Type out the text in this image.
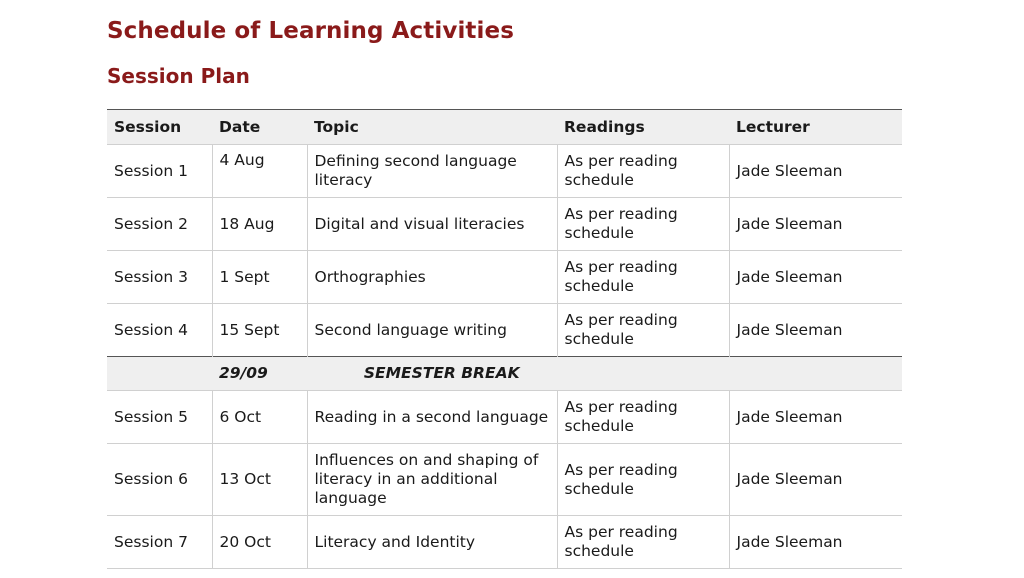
Schedule of Learning Activities
Session Plan
Session	Date	Topic	Readings	Lecturer
Session 1	4 Aug	Defining second language literacy	As per reading schedule	Jade Sleeman
Session 2	18 Aug	Digital and visual literacies	As per reading schedule	Jade Sleeman
Session 3	1 Sept	Orthographies	As per reading schedule	Jade Sleeman
Session 4	15 Sept	Second language writing	As per reading schedule	Jade Sleeman
	29/09 SEMESTER BREAK			
Session 5	6 Oct	Reading in a second language	As per reading schedule	Jade Sleeman
Session 6	13 Oct	Influences on and shaping of literacy in an additional language	As per reading schedule	Jade Sleeman
Session 7	20 Oct	Literacy and Identity	As per reading schedule	Jade Sleeman
